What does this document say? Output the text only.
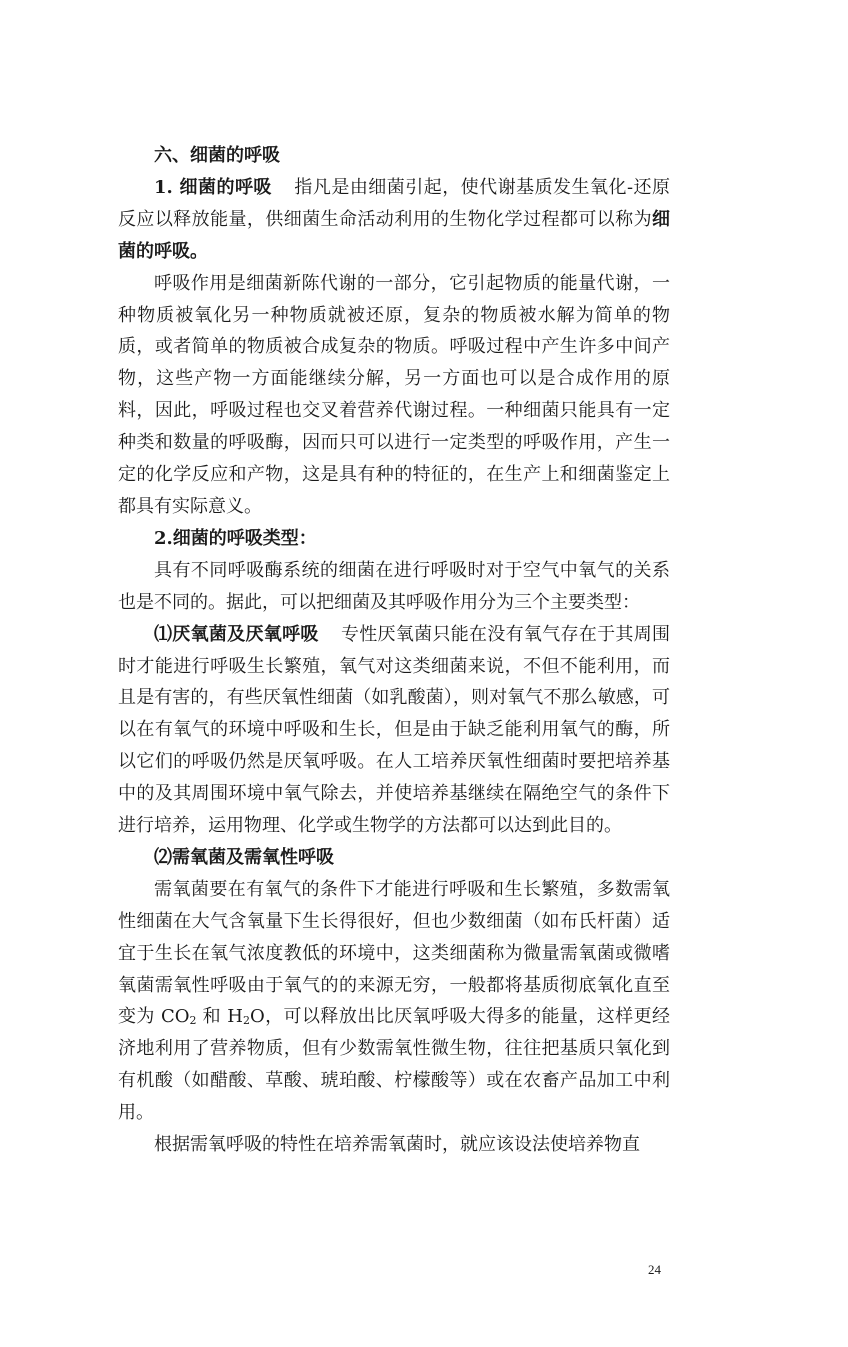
六、细菌的呼吸

1. 细菌的呼吸 指凡是由细菌引起，使代谢基质发生氧化-还原反应以释放能量，供细菌生命活动利用的生物化学过程都可以称为细菌的呼吸。

呼吸作用是细菌新陈代谢的一部分，它引起物质的能量代谢，一种物质被氧化另一种物质就被还原，复杂的物质被水解为简单的物质，或者简单的物质被合成复杂的物质。呼吸过程中产生许多中间产物，这些产物一方面能继续分解，另一方面也可以是合成作用的原料，因此，呼吸过程也交叉着营养代谢过程。一种细菌只能具有一定种类和数量的呼吸酶，因而只可以进行一定类型的呼吸作用，产生一定的化学反应和产物，这是具有种的特征的，在生产上和细菌鉴定上都具有实际意义。

2.细菌的呼吸类型：

具有不同呼吸酶系统的细菌在进行呼吸时对于空气中氧气的关系也是不同的。据此，可以把细菌及其呼吸作用分为三个主要类型：

⑴厌氧菌及厌氧呼吸 专性厌氧菌只能在没有氧气存在于其周围时才能进行呼吸生长繁殖，氧气对这类细菌来说，不但不能利用，而且是有害的，有些厌氧性细菌（如乳酸菌），则对氧气不那么敏感，可以在有氧气的环境中呼吸和生长，但是由于缺乏能利用氧气的酶，所以它们的呼吸仍然是厌氧呼吸。在人工培养厌氧性细菌时要把培养基中的及其周围环境中氧气除去，并使培养基继续在隔绝空气的条件下进行培养，运用物理、化学或生物学的方法都可以达到此目的。

⑵需氧菌及需氧性呼吸

需氧菌要在有氧气的条件下才能进行呼吸和生长繁殖，多数需氧性细菌在大气含氧量下生长得很好，但也少数细菌（如布氏杆菌）适宜于生长在氧气浓度教低的环境中，这类细菌称为微量需氧菌或微嗜氧菌需氧性呼吸由于氧气的的来源无穷，一般都将基质彻底氧化直至变为 $CO_2$ 和 $H_2O$，可以释放出比厌氧呼吸大得多的能量，这样更经济地利用了营养物质，但有少数需氧性微生物，往往把基质只氧化到有机酸（如醋酸、草酸、琥珀酸、柠檬酸等）或在农畜产品加工中利用。

根据需氧呼吸的特性在培养需氧菌时，就应该设法使培养物直

24
